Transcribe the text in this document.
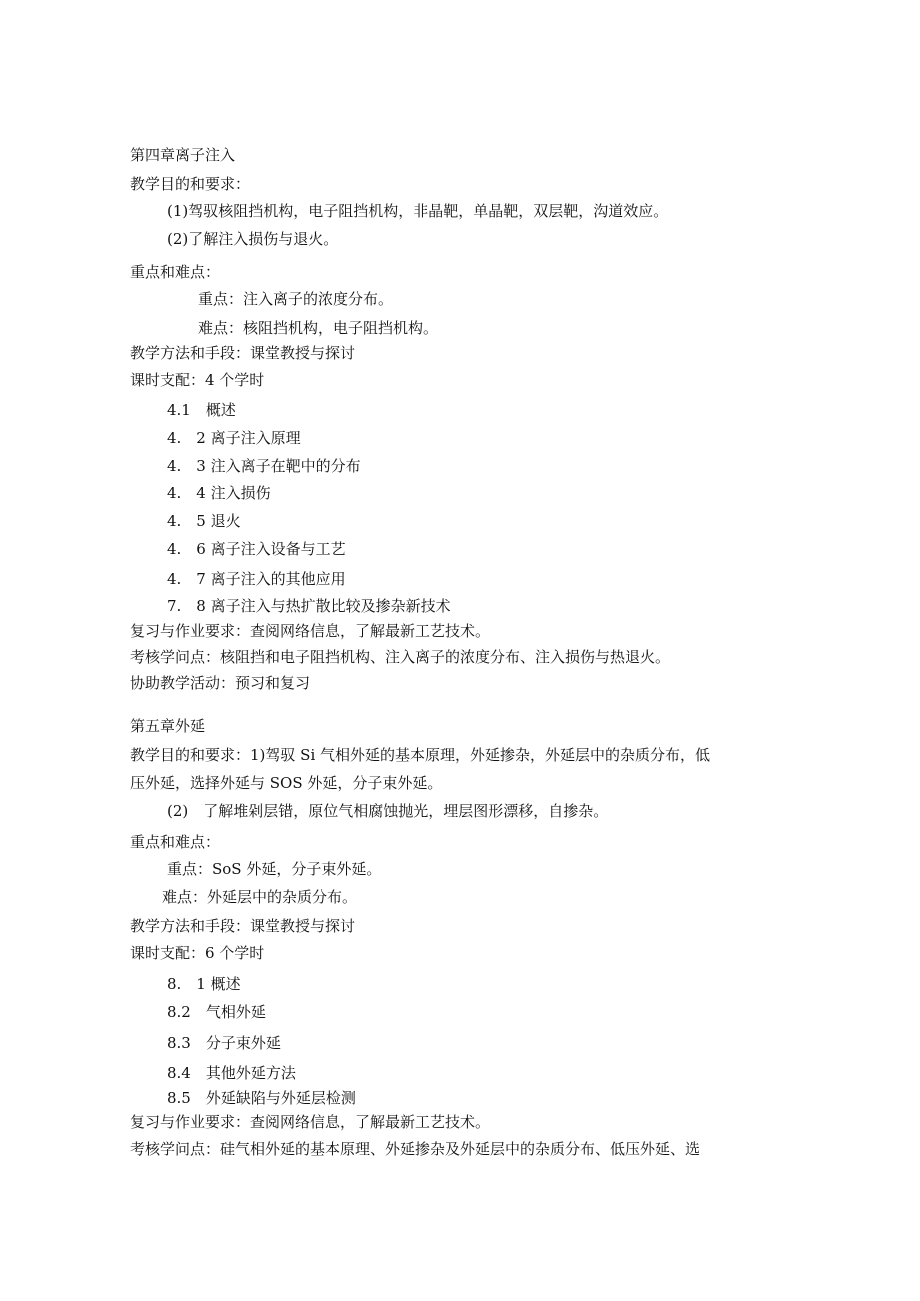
第四章离子注入
教学目的和要求：
(1)驾驭核阻挡机构，电子阻挡机构，非晶靶，单晶靶，双层靶，沟道效应。
(2)了解注入损伤与退火。
重点和难点：
重点：注入离子的浓度分布。
难点：核阻挡机构，电子阻挡机构。
教学方法和手段：课堂教授与探讨
课时支配：4 个学时
4.1　概述
4.　2 离子注入原理
4.　3 注入离子在靶中的分布
4.　4 注入损伤
4.　5 退火
4.　6 离子注入设备与工艺
4.　7 离子注入的其他应用
7.　8 离子注入与热扩散比较及掺杂新技术
复习与作业要求：查阅网络信息，了解最新工艺技术。
考核学问点：核阻挡和电子阻挡机构、注入离子的浓度分布、注入损伤与热退火。
协助教学活动：预习和复习
第五章外延
教学目的和要求：1)驾驭 Si 气相外延的基本原理，外延掺杂，外延层中的杂质分布，低
压外延，选择外延与 SOS 外延，分子束外延。
(2)　了解堆剁层错，原位气相腐蚀抛光，埋层图形漂移，自掺杂。
重点和难点：
重点：SoS 外延，分子束外延。
难点：外延层中的杂质分布。
教学方法和手段：课堂教授与探讨
课时支配：6 个学时
8.　1 概述
8.2　气相外延
8.3　分子束外延
8.4　其他外延方法
8.5　外延缺陷与外延层检测
复习与作业要求：查阅网络信息，了解最新工艺技术。
考核学问点：硅气相外延的基本原理、外延掺杂及外延层中的杂质分布、低压外延、选
